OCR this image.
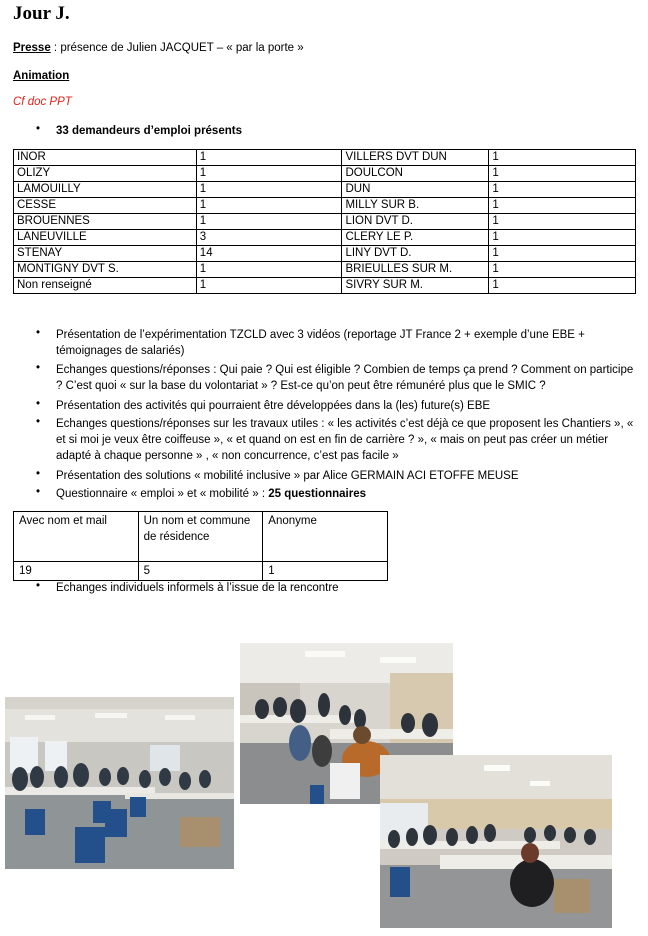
Jour J.
Presse : présence de Julien JACQUET – « par la porte »
Animation
Cf doc PPT
• 33 demandeurs d’emploi présents
INOR	1	VILLERS DVT DUN	1
OLIZY	1	DOULCON	1
LAMOUILLY	1	DUN	1
CESSE	1	MILLY SUR B.	1
BROUENNES	1	LION DVT D.	1
LANEUVILLE	3	CLERY LE P.	1
STENAY	14	LINY DVT D.	1
MONTIGNY DVT S.	1	BRIEULLES SUR M.	1
Non renseigné	1	SIVRY SUR M.	1
• Présentation de l’expérimentation TZCLD avec 3 vidéos (reportage JT France 2 + exemple d’une EBE + témoignages de salariés)
• Echanges questions/réponses : Qui paie ? Qui est éligible ? Combien de temps ça prend ? Comment on participe ? C’est quoi « sur la base du volontariat » ? Est-ce qu’on peut être rémunéré plus que le SMIC ?
• Présentation des activités qui pourraient être développées dans la (les) future(s) EBE
• Echanges questions/réponses sur les travaux utiles : « les activités c’est déjà ce que proposent les Chantiers », « et si moi je veux être coiffeuse », « et quand on est en fin de carrière ? », « mais on peut pas créer un métier adapté à chaque personne » , « non concurrence, c’est pas facile »
• Présentation des solutions « mobilité inclusive » par Alice GERMAIN ACI ETOFFE MEUSE
• Questionnaire « emploi » et « mobilité » : 25 questionnaires
Avec nom et mail	Un nom et commune de résidence	Anonyme
19	5	1
• Echanges individuels informels à l’issue de la rencontre
